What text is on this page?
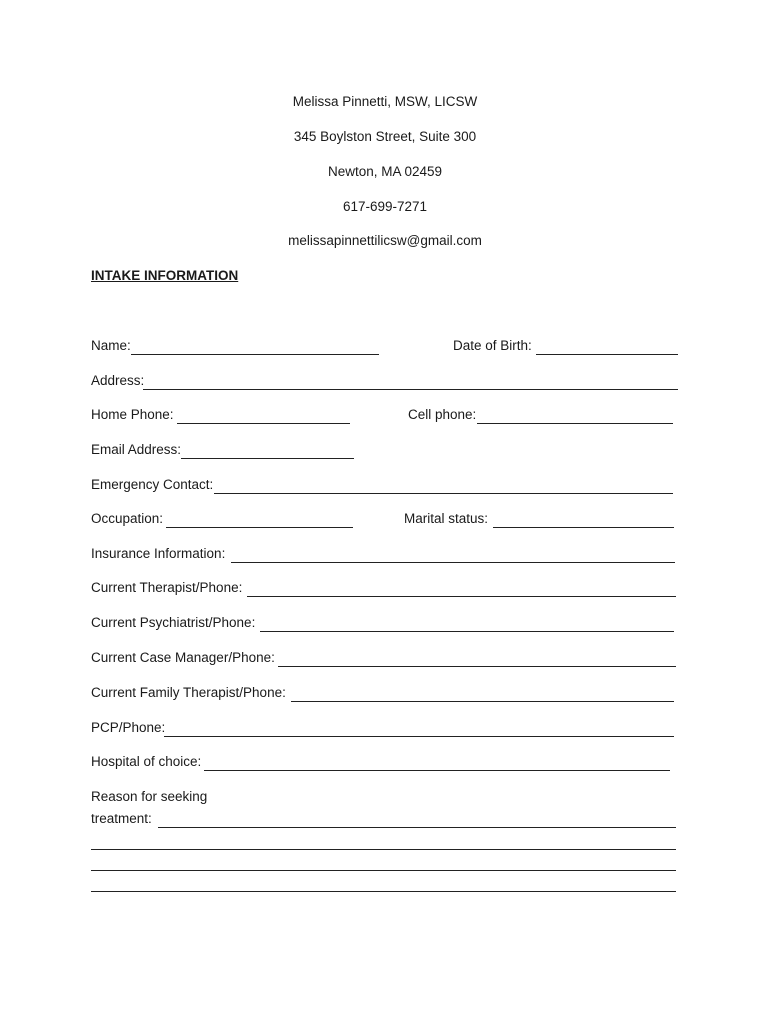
Melissa Pinnetti, MSW, LICSW
345 Boylston Street, Suite 300
Newton, MA 02459
617-699-7271
melissapinnettilicsw@gmail.com
INTAKE INFORMATION
Name:	Date of Birth:
Address:
Home Phone:	Cell phone:
Email Address:
Emergency Contact:
Occupation:	Marital status:
Insurance Information:
Current Therapist/Phone:
Current Psychiatrist/Phone:
Current Case Manager/Phone:
Current Family Therapist/Phone:
PCP/Phone:
Hospital of choice:
Reason for seeking
treatment:
